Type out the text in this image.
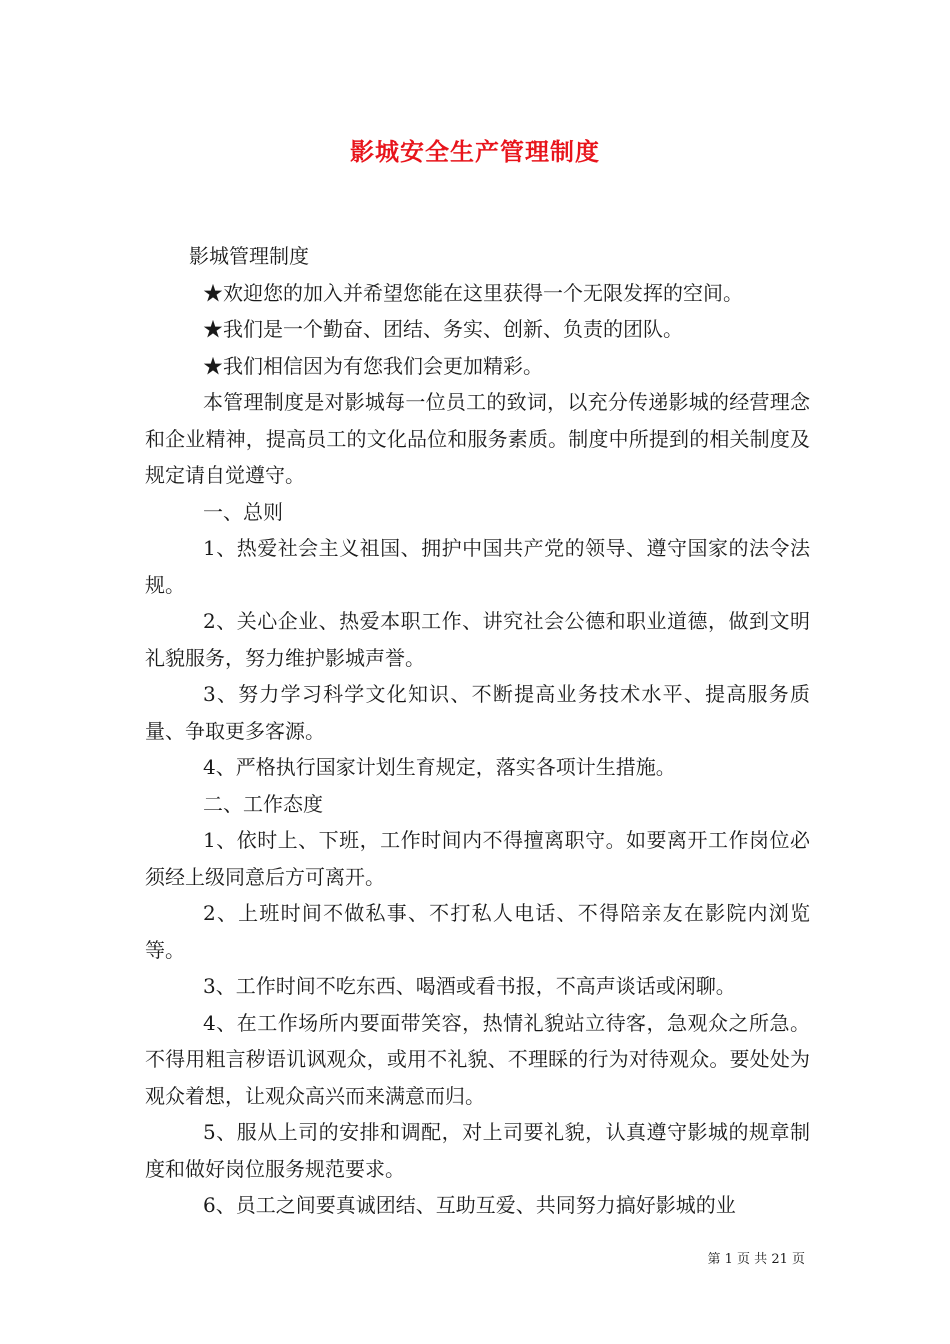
影城安全生产管理制度

影城管理制度

★欢迎您的加入并希望您能在这里获得一个无限发挥的空间。

★我们是一个勤奋、团结、务实、创新、负责的团队。

★我们相信因为有您我们会更加精彩。

本管理制度是对影城每一位员工的致词，以充分传递影城的经营理念和企业精神，提高员工的文化品位和服务素质。制度中所提到的相关制度及规定请自觉遵守。

一、总则

1、热爱社会主义祖国、拥护中国共产党的领导、遵守国家的法令法规。

2、关心企业、热爱本职工作、讲究社会公德和职业道德，做到文明礼貌服务，努力维护影城声誉。

3、努力学习科学文化知识、不断提高业务技术水平、提高服务质量、争取更多客源。

4、严格执行国家计划生育规定，落实各项计生措施。

二、工作态度

1、依时上、下班，工作时间内不得擅离职守。如要离开工作岗位必须经上级同意后方可离开。

2、上班时间不做私事、不打私人电话、不得陪亲友在影院内浏览等。

3、工作时间不吃东西、喝酒或看书报，不高声谈话或闲聊。

4、在工作场所内要面带笑容，热情礼貌站立待客，急观众之所急。不得用粗言秽语讥讽观众，或用不礼貌、不理睬的行为对待观众。要处处为观众着想，让观众高兴而来满意而归。

5、服从上司的安排和调配，对上司要礼貌，认真遵守影城的规章制度和做好岗位服务规范要求。

6、员工之间要真诚团结、互助互爱、共同努力搞好影城的业

第 1 页 共 21 页
